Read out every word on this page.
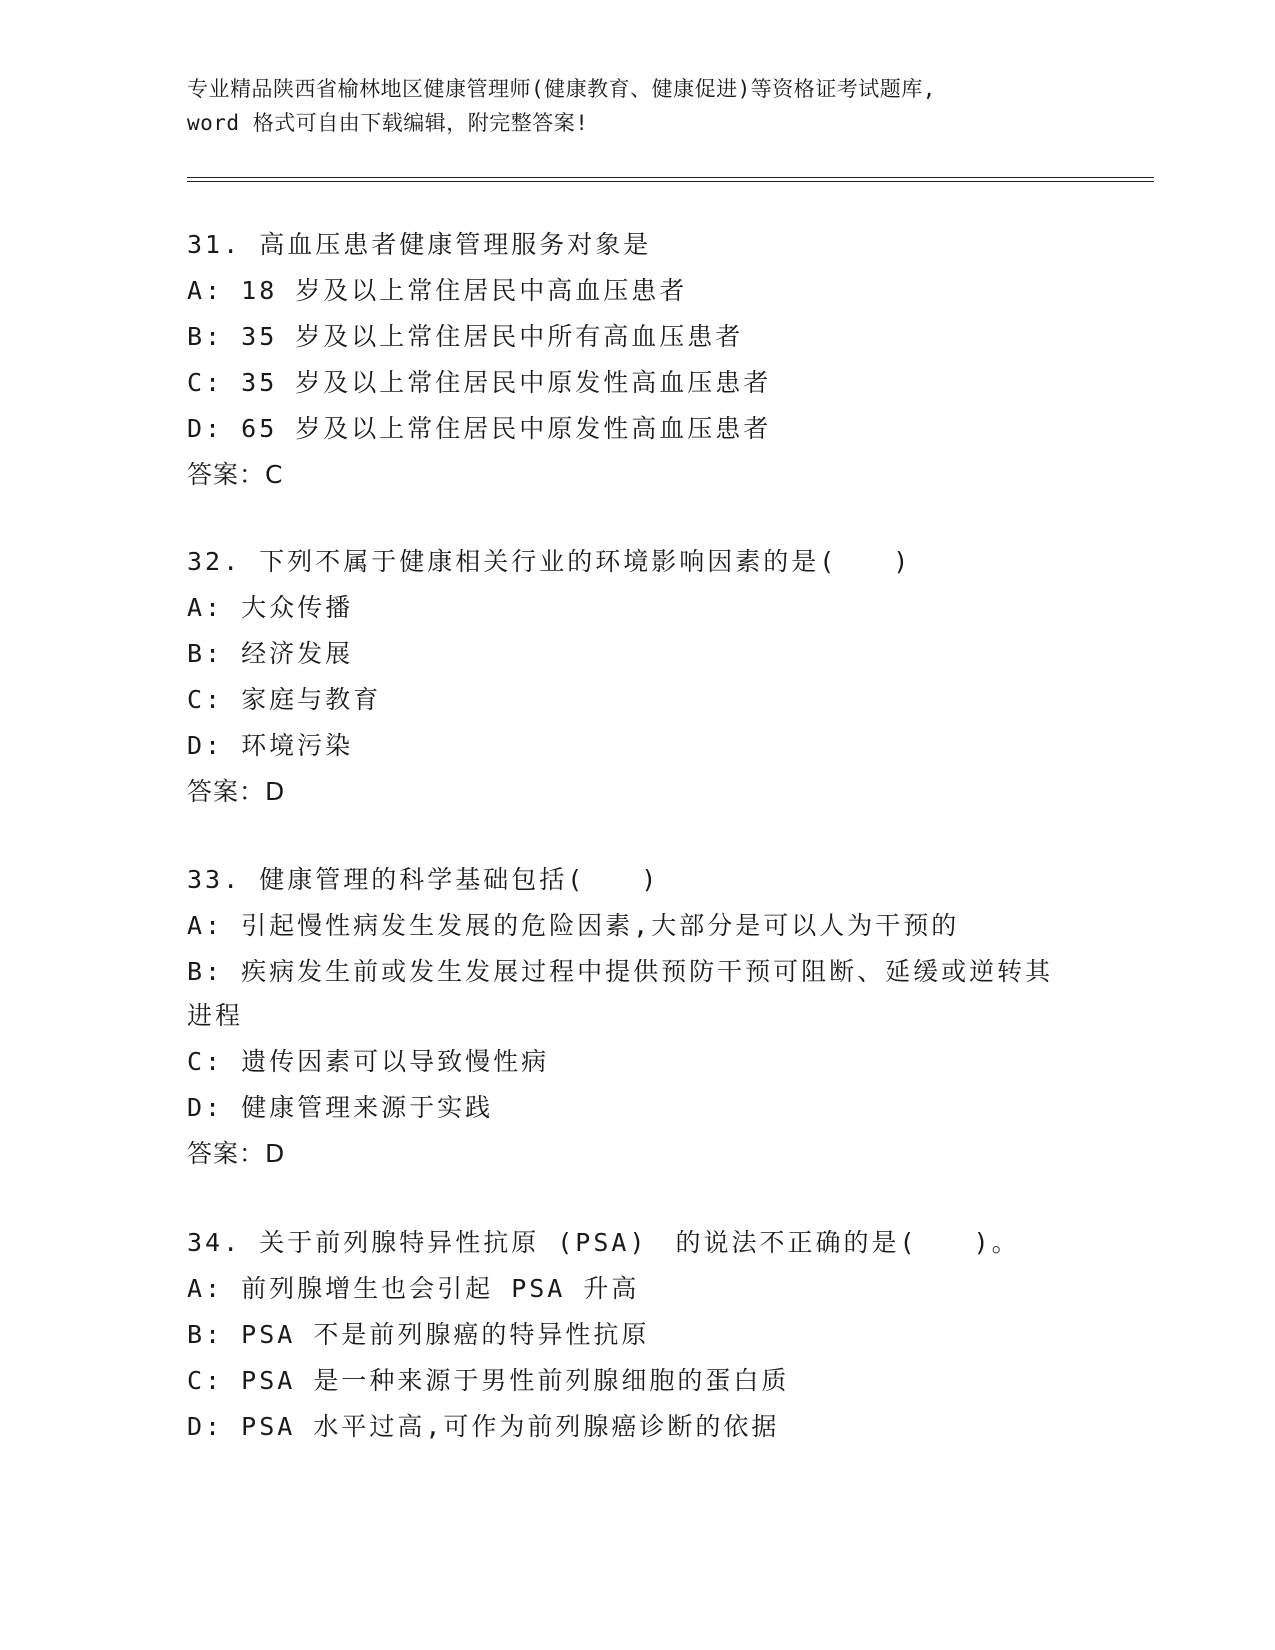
专业精品陕西省榆林地区健康管理师(健康教育、健康促进)等资格证考试题库,
word 格式可自由下载编辑，附完整答案!
31. 高血压患者健康管理服务对象是
A: 18 岁及以上常住居民中高血压患者
B: 35 岁及以上常住居民中所有高血压患者
C: 35 岁及以上常住居民中原发性高血压患者
D: 65 岁及以上常住居民中原发性高血压患者
答案：C
32. 下列不属于健康相关行业的环境影响因素的是(　　)
A: 大众传播
B: 经济发展
C: 家庭与教育
D: 环境污染
答案：D
33. 健康管理的科学基础包括(　　)
A: 引起慢性病发生发展的危险因素,大部分是可以人为干预的
B: 疾病发生前或发生发展过程中提供预防干预可阻断、延缓或逆转其
进程
C: 遗传因素可以导致慢性病
D: 健康管理来源于实践
答案：D
34. 关于前列腺特异性抗原 (PSA)　的说法不正确的是(　　)。
A: 前列腺增生也会引起 PSA 升高
B: PSA 不是前列腺癌的特异性抗原
C: PSA 是一种来源于男性前列腺细胞的蛋白质
D: PSA 水平过高,可作为前列腺癌诊断的依据
